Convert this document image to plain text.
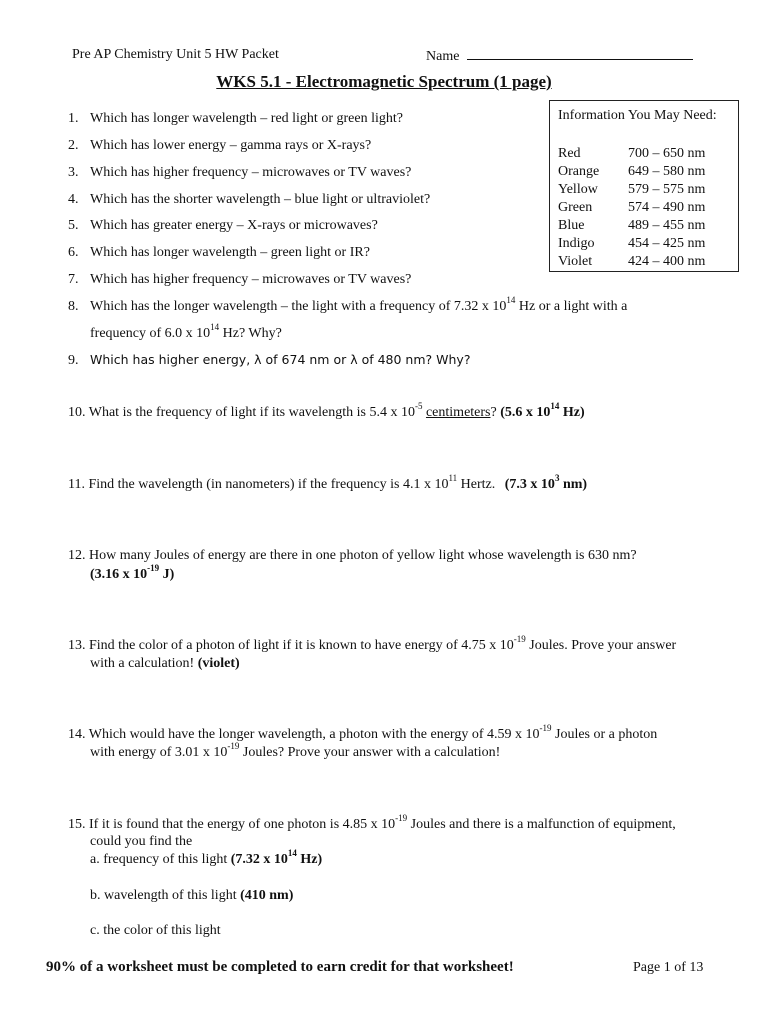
Pre AP Chemistry Unit 5 HW Packet	Name
WKS 5.1 - Electromagnetic Spectrum (1 page)
Information You May Need:
Red	700 – 650 nm
Orange 649 – 580 nm
Yellow 579 – 575 nm
Green	574 – 490 nm
Blue	489 – 455 nm
Indigo 454 – 425 nm
Violet	424 – 400 nm
1. Which has longer wavelength – red light or green light?
2. Which has lower energy – gamma rays or X-rays?
3. Which has higher frequency – microwaves or TV waves?
4. Which has the shorter wavelength – blue light or ultraviolet?
5. Which has greater energy – X-rays or microwaves?
6. Which has longer wavelength – green light or IR?
7. Which has higher frequency – microwaves or TV waves?
8. Which has the longer wavelength – the light with a frequency of 7.32 x $10^{14}$ Hz or a light with a
frequency of 6.0 x $10^{14}$ Hz? Why?
9. Which has higher energy, λ of 674 nm or λ of 480 nm? Why?
10. What is the frequency of light if its wavelength is 5.4 x $10^{-5}$ centimeters? (5.6 x $10^{14}$ Hz)
11. Find the wavelength (in nanometers) if the frequency is 4.1 x $10^{11}$ Hertz. (7.3 x $10^3$ nm)
12. How many Joules of energy are there in one photon of yellow light whose wavelength is 630 nm?
(3.16 x $10^{-19}$ J)
13. Find the color of a photon of light if it is known to have energy of 4.75 x $10^{-19}$ Joules. Prove your answer
with a calculation! (violet)
14. Which would have the longer wavelength, a photon with the energy of 4.59 x $10^{-19}$ Joules or a photon
with energy of 3.01 x $10^{-19}$ Joules? Prove your answer with a calculation!
15. If it is found that the energy of one photon is 4.85 x $10^{-19}$ Joules and there is a malfunction of equipment,
could you find the
a. frequency of this light (7.32 x $10^{14}$ Hz)
b. wavelength of this light (410 nm)
c. the color of this light
90% of a worksheet must be completed to earn credit for that worksheet!	Page 1 of 13
